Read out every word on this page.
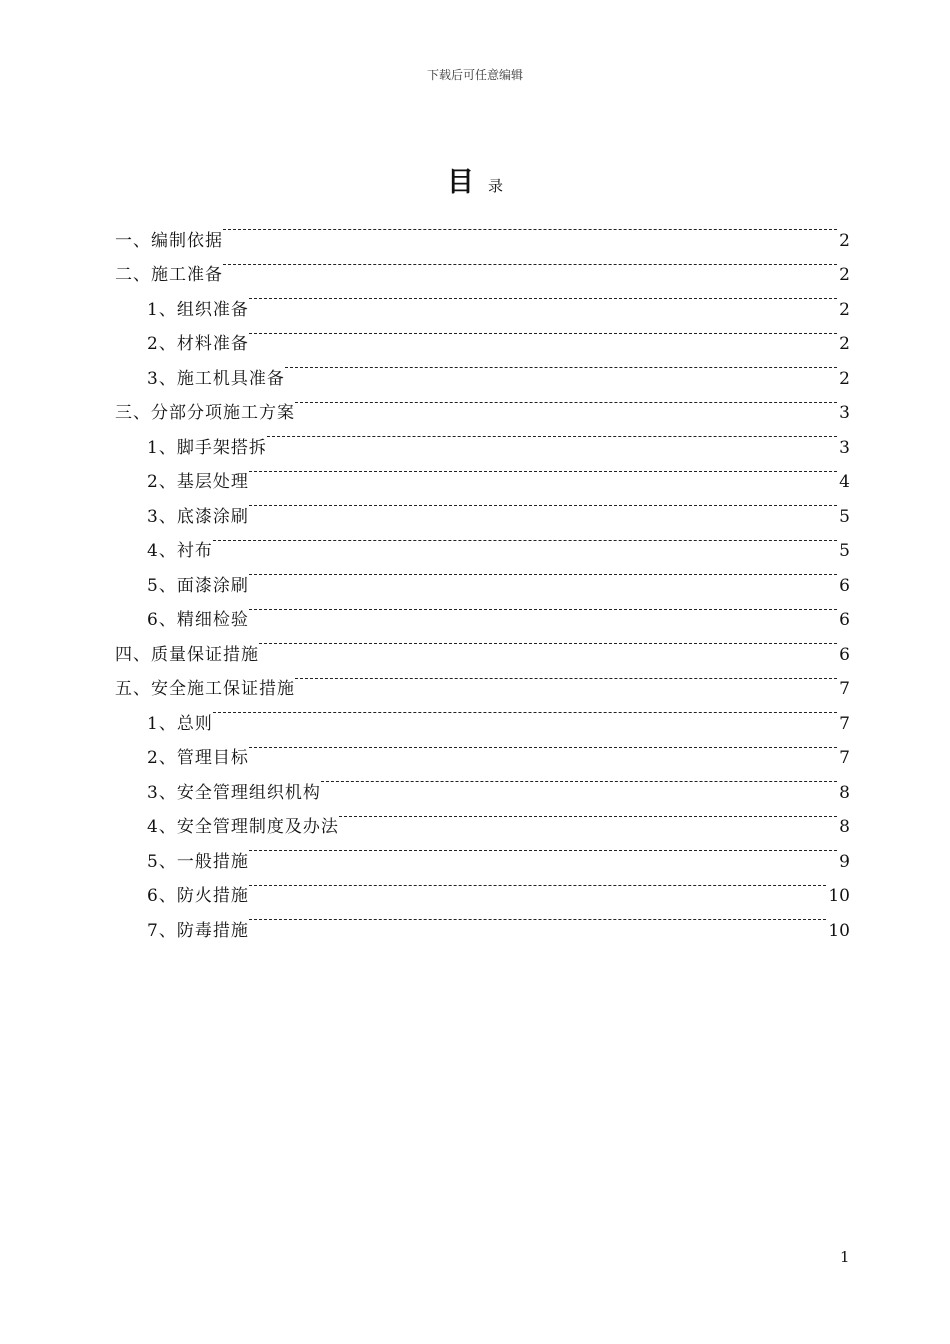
下载后可任意编辑
目录
一、编制依据	2
二、施工准备	2
1、组织准备	2
2、材料准备	2
3、施工机具准备	2
三、分部分项施工方案	3
1、脚手架搭拆	3
2、基层处理	4
3、底漆涂刷	5
4、衬布	5
5、面漆涂刷	6
6、精细检验	6
四、质量保证措施	6
五、安全施工保证措施	7
1、总则	7
2、管理目标	7
3、安全管理组织机构	8
4、安全管理制度及办法	8
5、一般措施	9
6、防火措施	10
7、防毒措施	10
1
